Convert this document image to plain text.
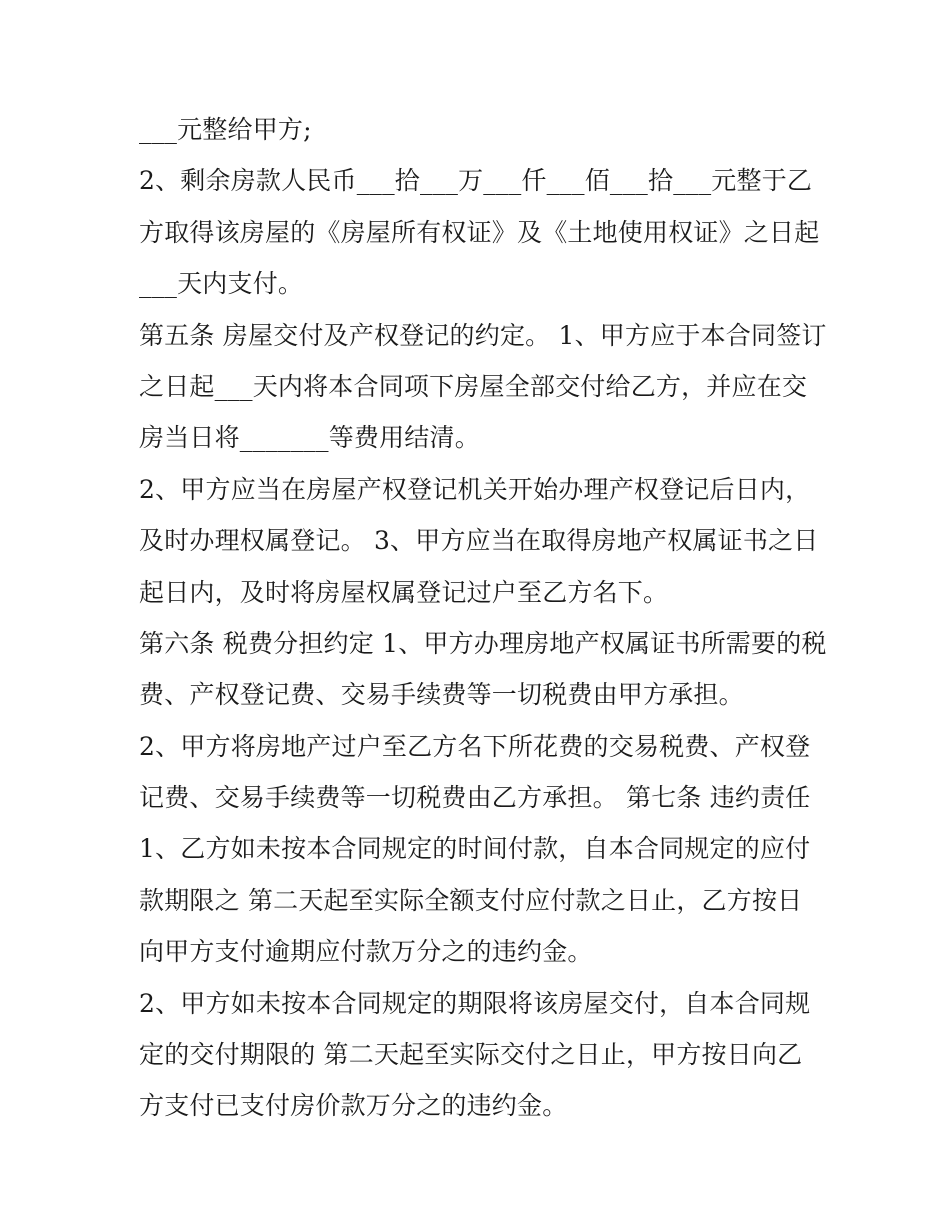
___元整给甲方;
2、剩余房款人民币___拾___万___仟___佰___拾___元整于乙
方取得该房屋的《房屋所有权证》及《土地使用权证》之日起
___天内支付。
第五条 房屋交付及产权登记的约定。 1、甲方应于本合同签订
之日起___天内将本合同项下房屋全部交付给乙方，并应在交
房当日将_______等费用结清。
2、甲方应当在房屋产权登记机关开始办理产权登记后日内，
及时办理权属登记。 3、甲方应当在取得房地产权属证书之日
起日内，及时将房屋权属登记过户至乙方名下。
第六条 税费分担约定 1、甲方办理房地产权属证书所需要的税
费、产权登记费、交易手续费等一切税费由甲方承担。
2、甲方将房地产过户至乙方名下所花费的交易税费、产权登
记费、交易手续费等一切税费由乙方承担。 第七条 违约责任
1、乙方如未按本合同规定的时间付款，自本合同规定的应付
款期限之 第二天起至实际全额支付应付款之日止，乙方按日
向甲方支付逾期应付款万分之的违约金。
2、甲方如未按本合同规定的期限将该房屋交付，自本合同规
定的交付期限的 第二天起至实际交付之日止，甲方按日向乙
方支付已支付房价款万分之的违约金。
